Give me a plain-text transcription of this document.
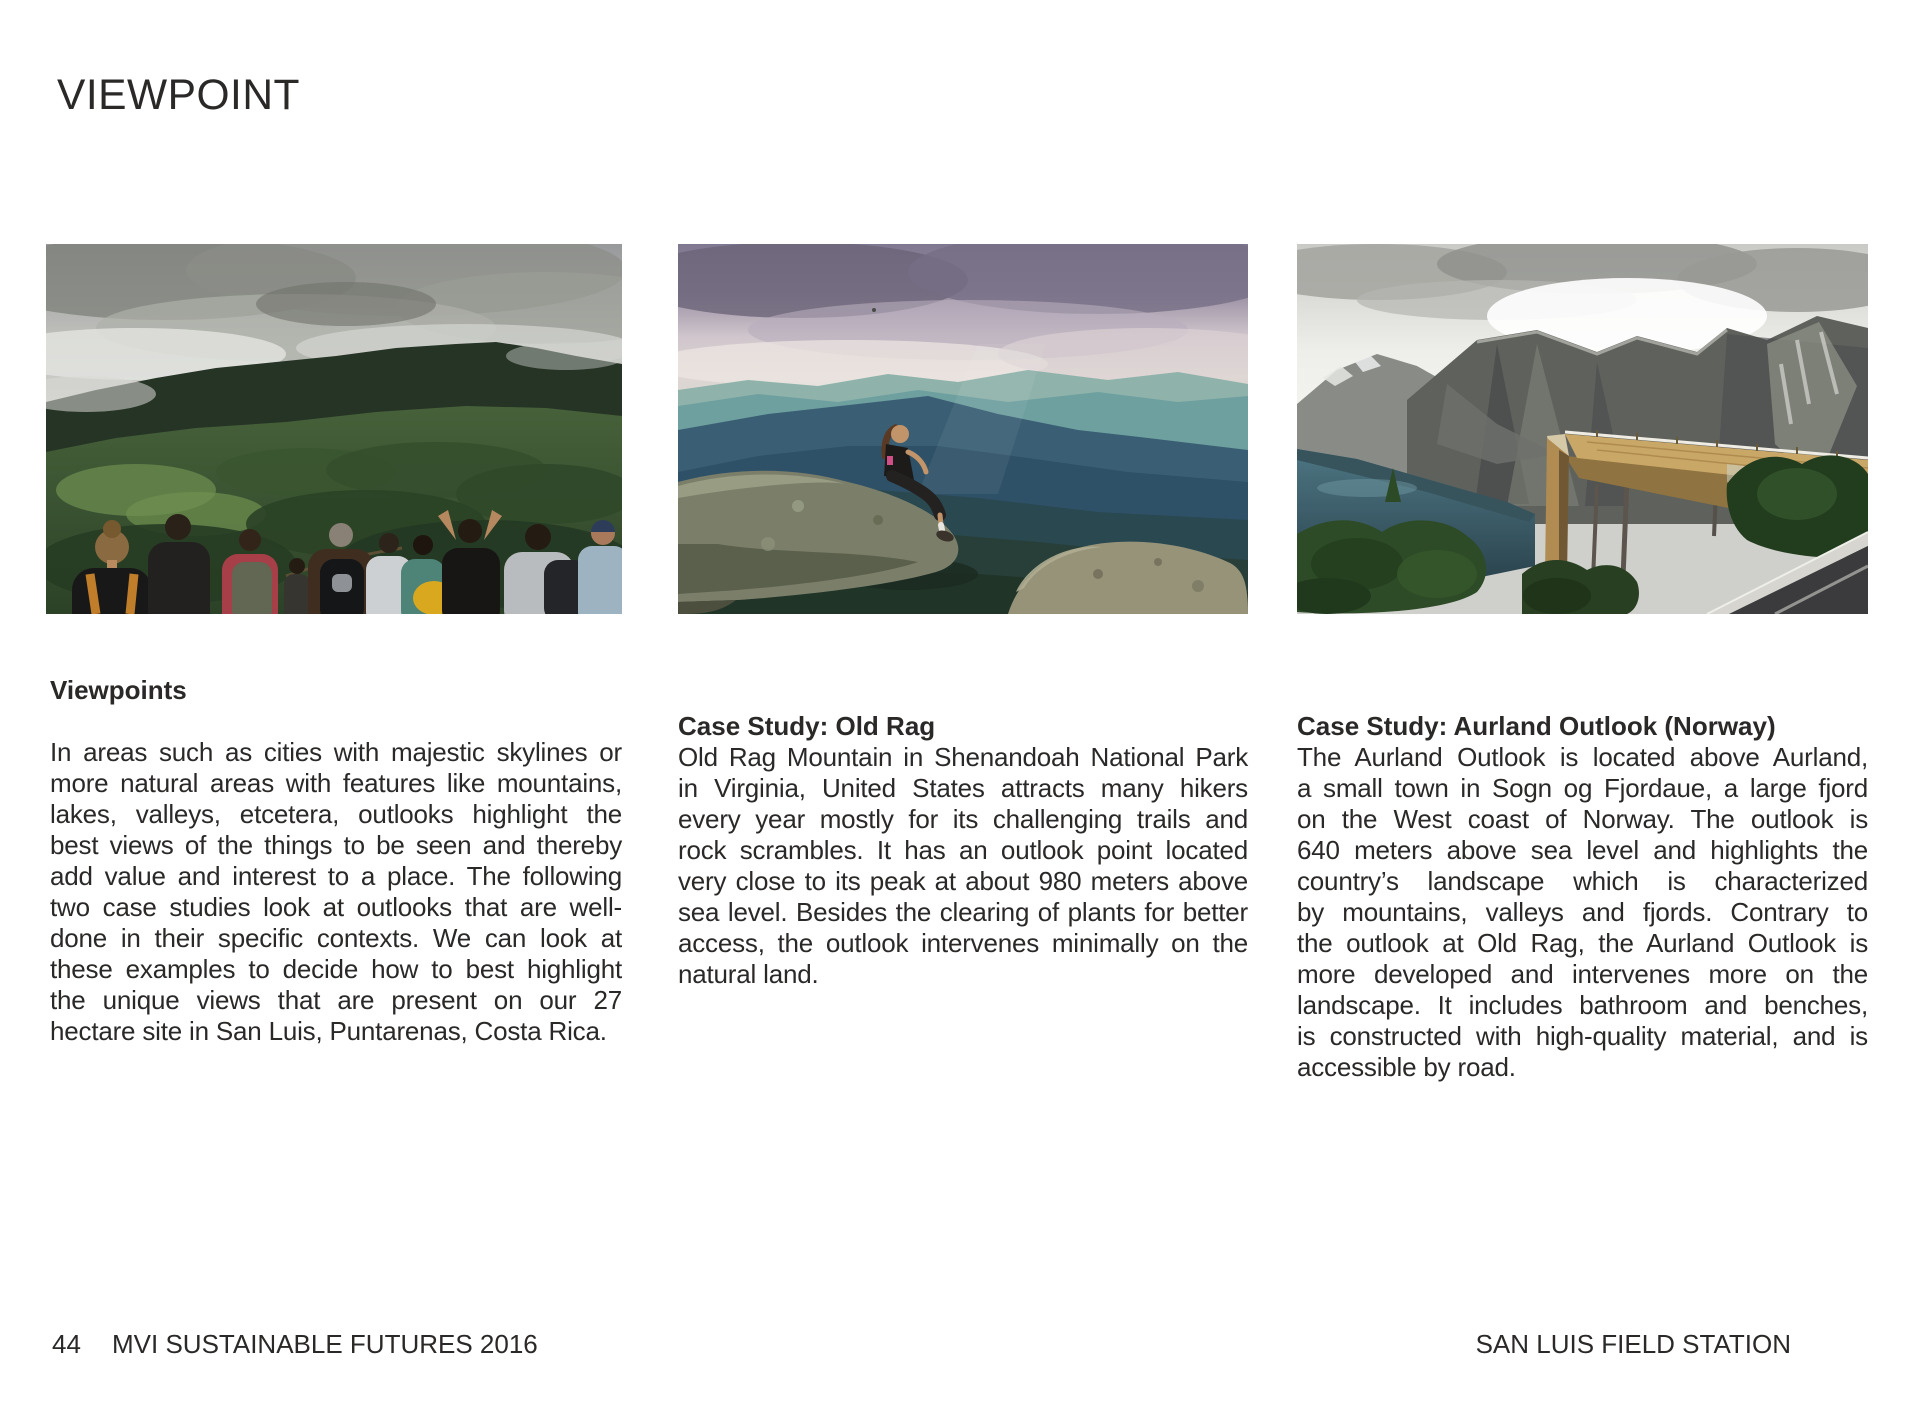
VIEWPOINT
Viewpoints
Case Study: Old Rag	Case Study: Aurland Outlook (Norway)
In areas such as cities with majestic skylines or
more natural areas with features like mountains,
lakes, valleys, etcetera, outlooks highlight the
best views of the things to be seen and thereby
add value and interest to a place. The following
two case studies look at outlooks that are well-
done in their specific contexts. We can look at
these examples to decide how to best highlight
the unique views that are present on our 27
hectare site in San Luis, Puntarenas, Costa Rica.
Old Rag Mountain in Shenandoah National Park
in Virginia, United States attracts many hikers
every year mostly for its challenging trails and
rock scrambles. It has an outlook point located
very close to its peak at about 980 meters above
sea level. Besides the clearing of plants for better
access, the outlook intervenes minimally on the
natural land.
The Aurland Outlook is located above Aurland,
a small town in Sogn og Fjordaue, a large fjord
on the West coast of Norway. The outlook is
640 meters above sea level and highlights the
country’s landscape which is characterized
by mountains, valleys and fjords. Contrary to
the outlook at Old Rag, the Aurland Outlook is
more developed and intervenes more on the
landscape. It includes bathroom and benches,
is constructed with high-quality material, and is
accessible by road.
44 MVI SUSTAINABLE FUTURES 2016	SAN LUIS FIELD STATION
